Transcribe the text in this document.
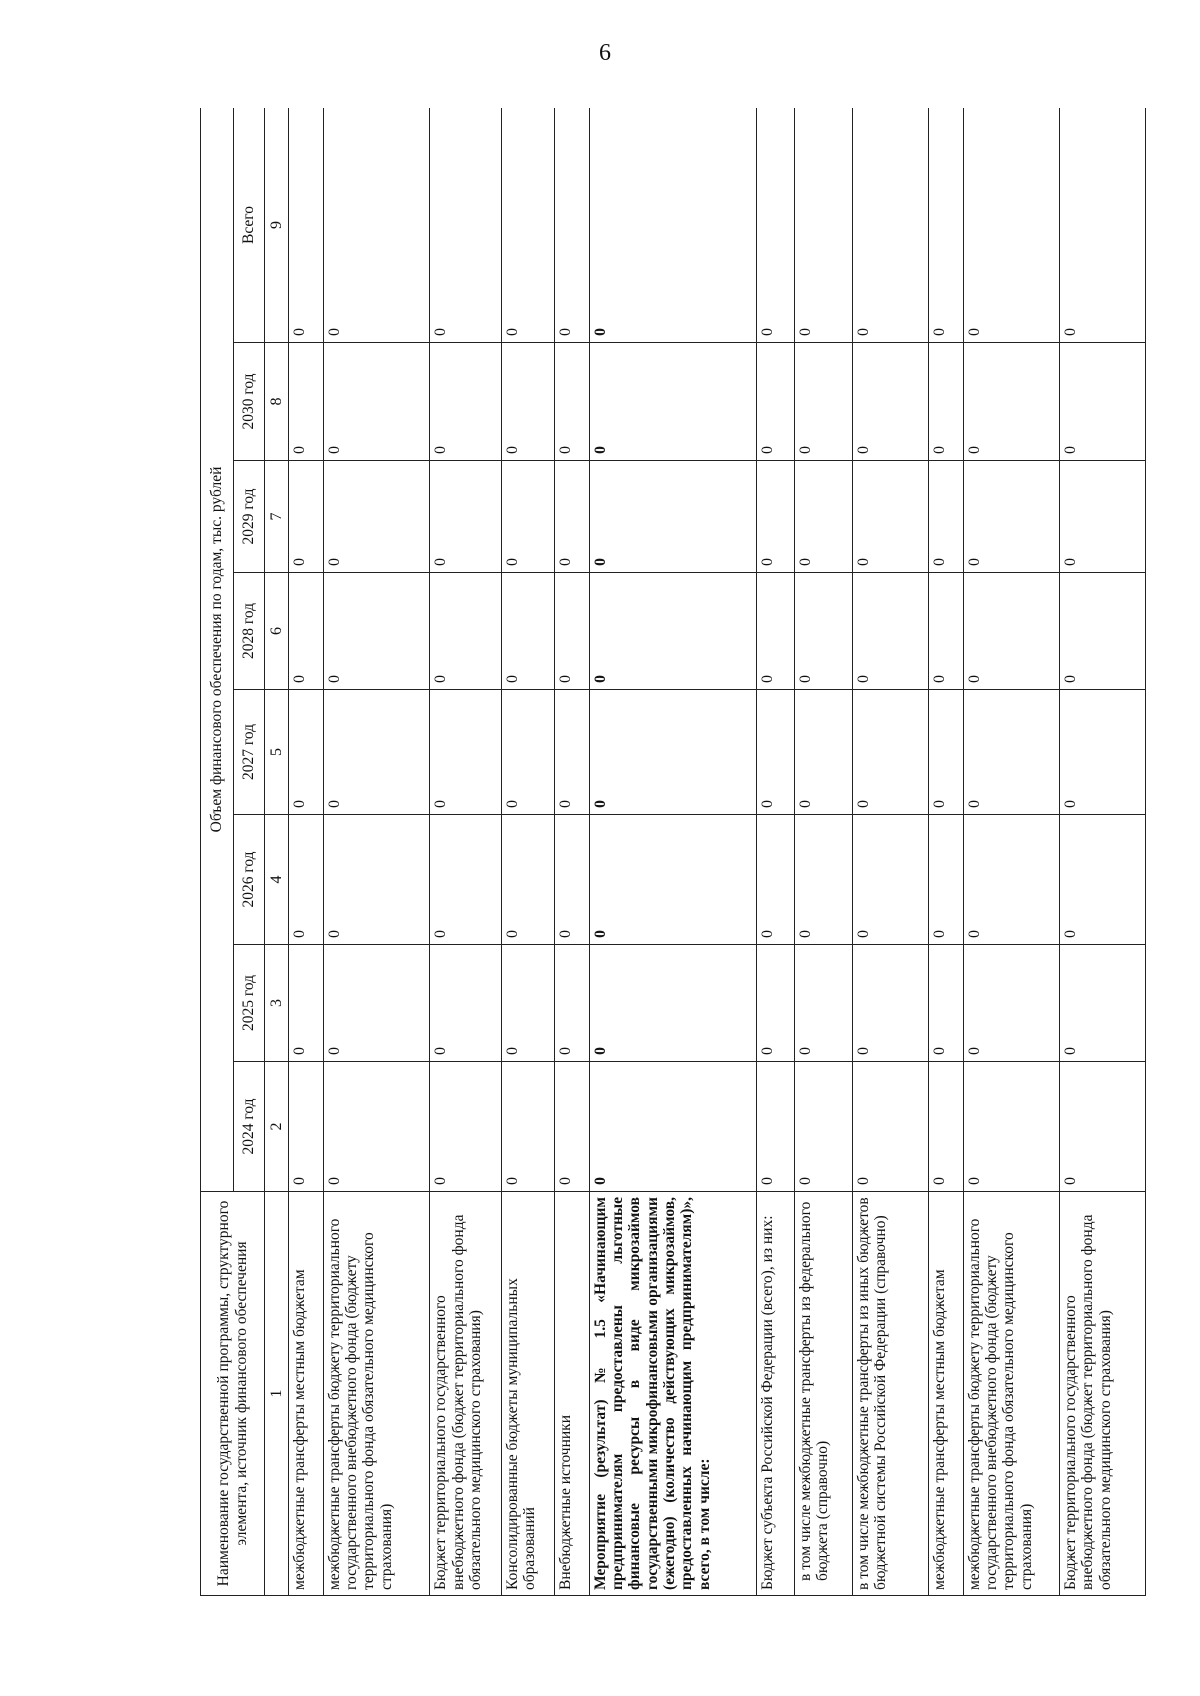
6
Наименование государственной программы, структурного элемента, источник финансового обеспечения	Объем финансового обеспечения по годам, тыс. рублей							
	2024 год	2025 год	2026 год	2027 год	2028 год	2029 год	2030 год	Всего
1	2	3	4	5	6	7	8	9
межбюджетные трансферты местным бюджетам	0	0	0	0	0	0	0	0
межбюджетные трансферты бюджету территориального государственного внебюджетного фонда (бюджету территориального фонда обязательного медицинского страхования)	0	0	0	0	0	0	0	0
Бюджет территориального государственного внебюджетного фонда (бюджет территориального фонда обязательного медицинского страхования)	0	0	0	0	0	0	0	0
Консолидированные бюджеты муниципальных образований	0	0	0	0	0	0	0	0
Внебюджетные источники	0	0	0	0	0	0	0	0
Мероприятие (результат) № 1.5 «Начинающим предпринимателям предоставлены льготные финансовые ресурсы в виде микрозаймов государственными микрофинансовыми организациями (ежегодно) (количество действующих микрозаймов, предоставленных начинающим предпринимателям)», всего, в том числе:	0	0	0	0	0	0	0	0
Бюджет субъекта Российской Федерации (всего), из них:	0	0	0	0	0	0	0	0
в том числе межбюджетные трансферты из федерального бюджета (справочно)	0	0	0	0	0	0	0	0
в том числе межбюджетные трансферты из иных бюджетов бюджетной системы Российской Федерации (справочно)	0	0	0	0	0	0	0	0
межбюджетные трансферты местным бюджетам	0	0	0	0	0	0	0	0
межбюджетные трансферты бюджету территориального государственного внебюджетного фонда (бюджету территориального фонда обязательного медицинского страхования)	0	0	0	0	0	0	0	0
Бюджет территориального государственного внебюджетного фонда (бюджет территориального фонда обязательного медицинского страхования)	0	0	0	0	0	0	0	0
